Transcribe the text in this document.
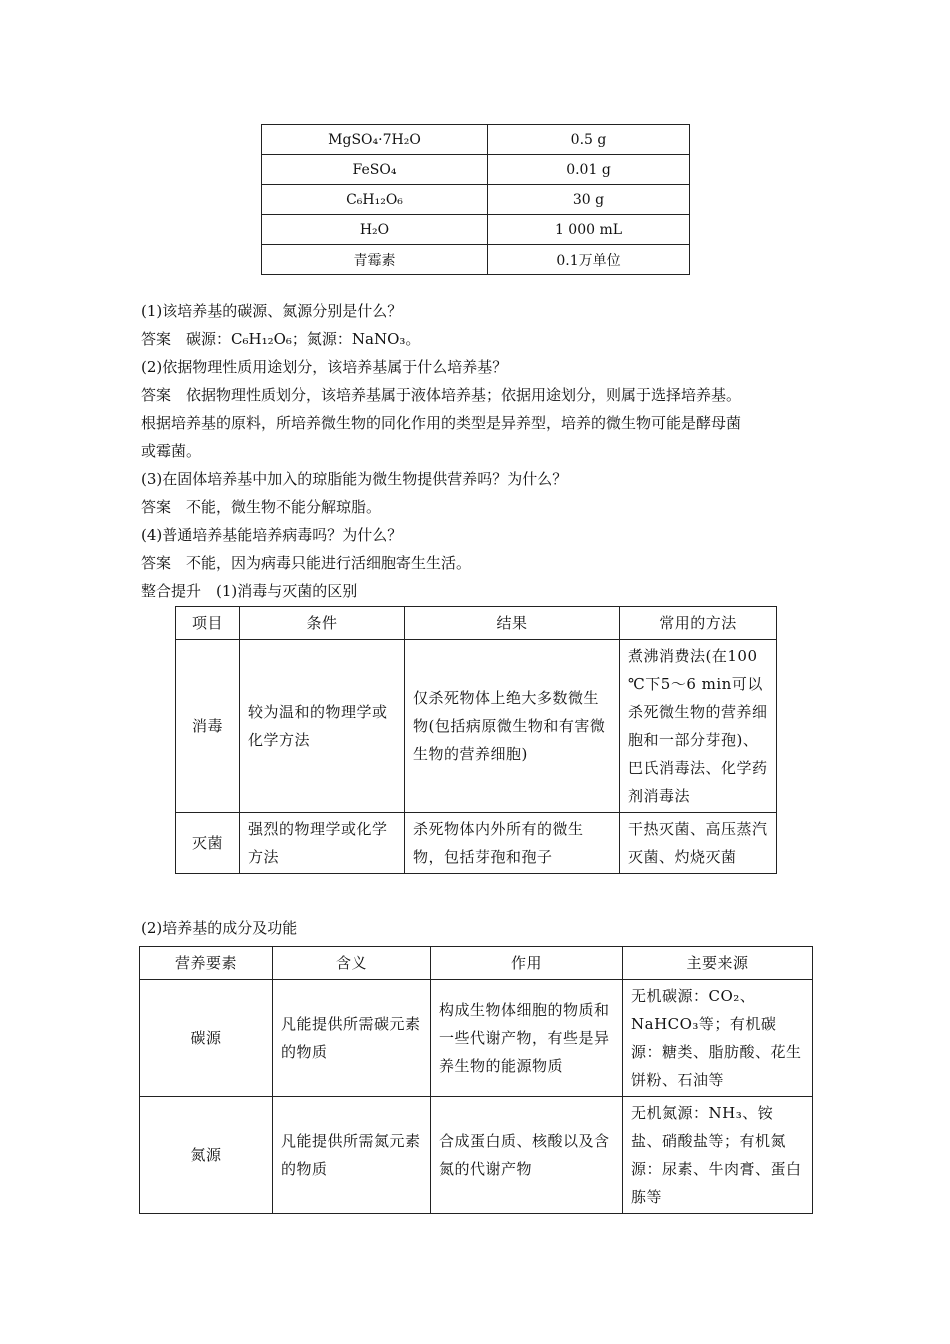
MgSO₄·7H₂O	0.5 g
FeSO₄	0.01 g
C₆H₁₂O₆	30 g
H₂O	1 000 mL
青霉素	0.1万单位
(1)该培养基的碳源、氮源分别是什么？
答案　碳源：C₆H₁₂O₆；氮源：NaNO₃。
(2)依据物理性质用途划分，该培养基属于什么培养基？
答案　依据物理性质划分，该培养基属于液体培养基；依据用途划分，则属于选择培养基。
根据培养基的原料，所培养微生物的同化作用的类型是异养型，培养的微生物可能是酵母菌
或霉菌。
(3)在固体培养基中加入的琼脂能为微生物提供营养吗？为什么？
答案　不能，微生物不能分解琼脂。
(4)普通培养基能培养病毒吗？为什么？
答案　不能，因为病毒只能进行活细胞寄生生活。
整合提升　(1)消毒与灭菌的区别
项目	条件	结果	常用的方法
消毒	较为温和的物理学或化学方法	仅杀死物体上绝大多数微生物(包括病原微生物和有害微生物的营养细胞)	煮沸消费法(在100 ℃下5～6 min可以杀死微生物的营养细胞和一部分芽孢)、巴氏消毒法、化学药剂消毒法
灭菌	强烈的物理学或化学方法	杀死物体内外所有的微生物，包括芽孢和孢子	干热灭菌、高压蒸汽灭菌、灼烧灭菌
(2)培养基的成分及功能
营养要素	含义	作用	主要来源
碳源	凡能提供所需碳元素的物质	构成生物体细胞的物质和一些代谢产物，有些是异养生物的能源物质	无机碳源：CO₂、NaHCO₃等；有机碳源：糖类、脂肪酸、花生饼粉、石油等
氮源	凡能提供所需氮元素的物质	合成蛋白质、核酸以及含氮的代谢产物	无机氮源：NH₃、铵盐、硝酸盐等；有机氮源：尿素、牛肉膏、蛋白胨等
